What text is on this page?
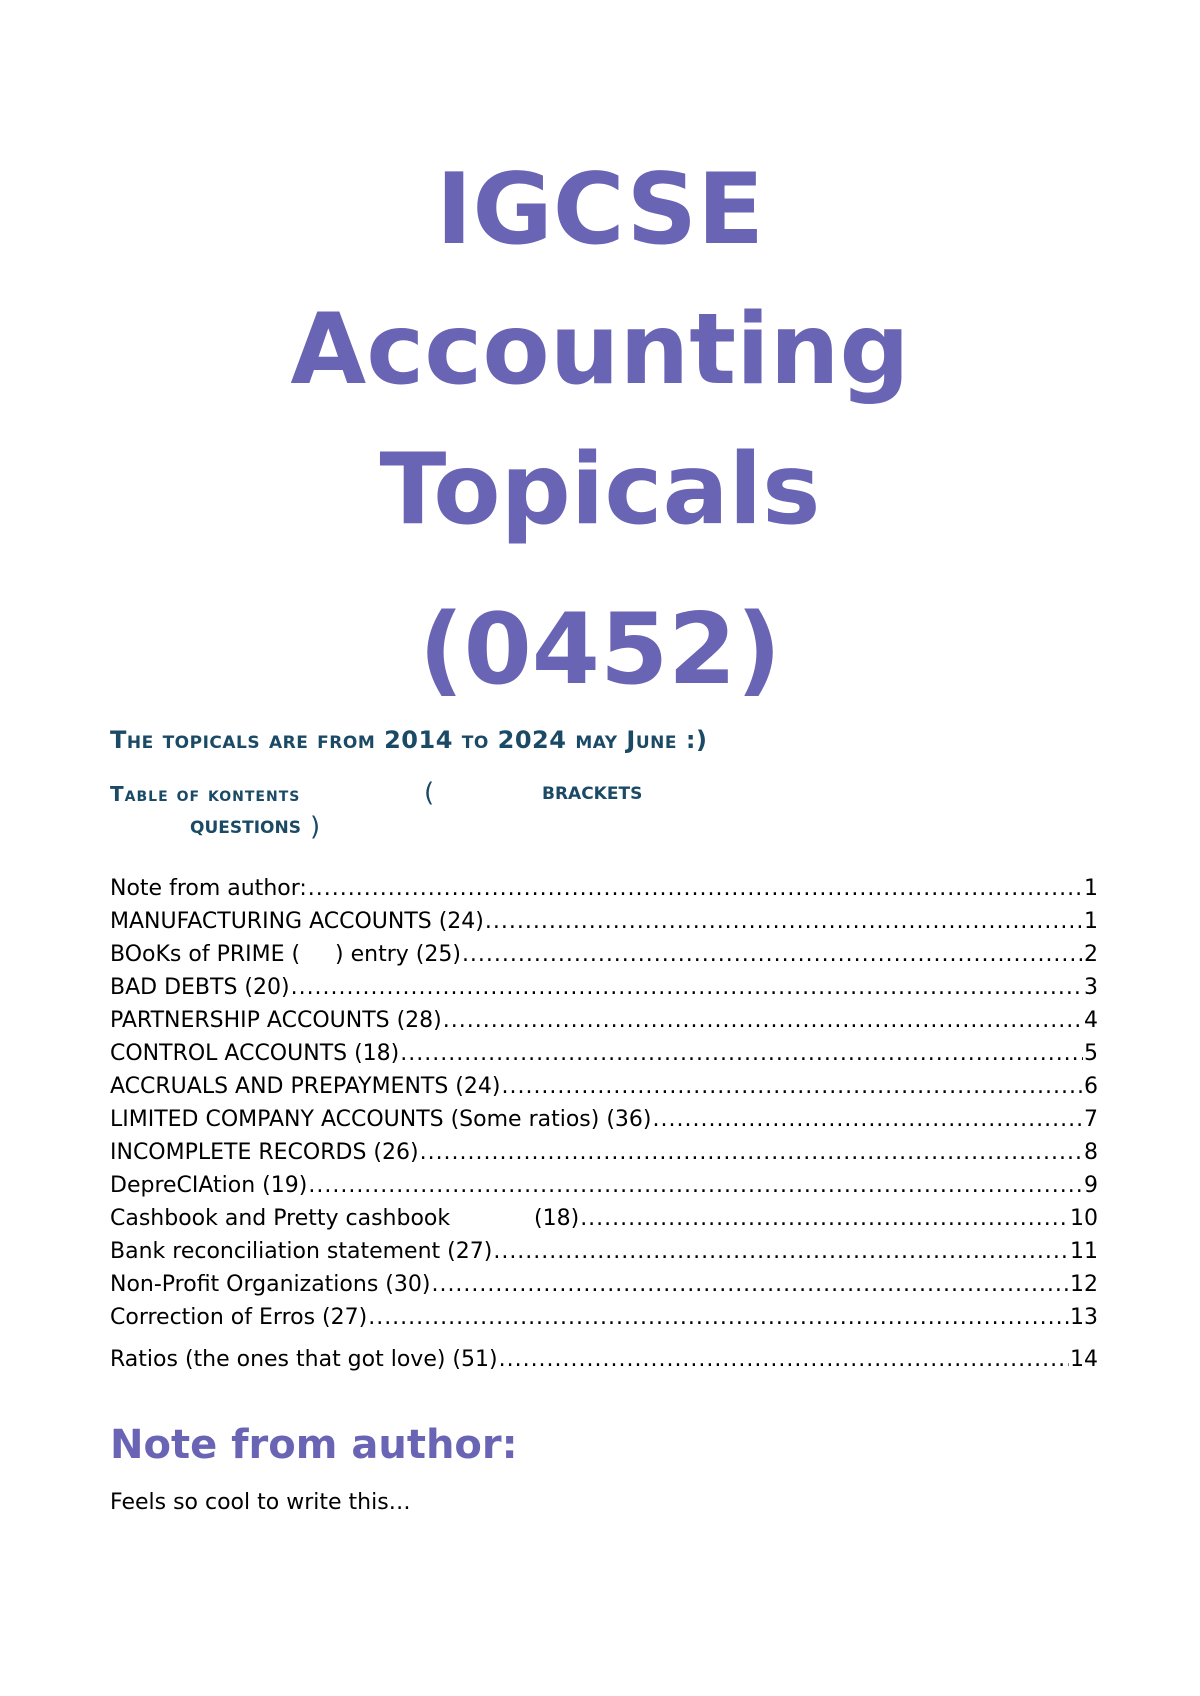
IGCSE
Accounting
Topicals
(0452)
The topicals are from 2014 to 2024 may June :)
Table of kontents	(	BRACKETS
QUESTIONS )
Note from author: .....	1
MANUFACTURING ACCOUNTS (24) .....	1
BOoKs of PRIME (     ) entry (25) .....	2
BAD DEBTS (20) .....	3
PARTNERSHIP ACCOUNTS (28) .....	4
CONTROL ACCOUNTS (18) .....	5
ACCRUALS AND PREPAYMENTS (24) .....	6
LIMITED COMPANY ACCOUNTS (Some ratios) (36) .....	7
INCOMPLETE RECORDS (26) .....	8
DepreCIAtion (19) .....	9
Cashbook and Pretty cashbook            (18) .....	10
Bank reconciliation statement (27) .....	11
Non-Profit Organizations (30) .....	12
Correction of Erros (27) .....	13
Ratios (the ones that got love) (51) .....	14
Note from author:
Feels so cool to write this…
